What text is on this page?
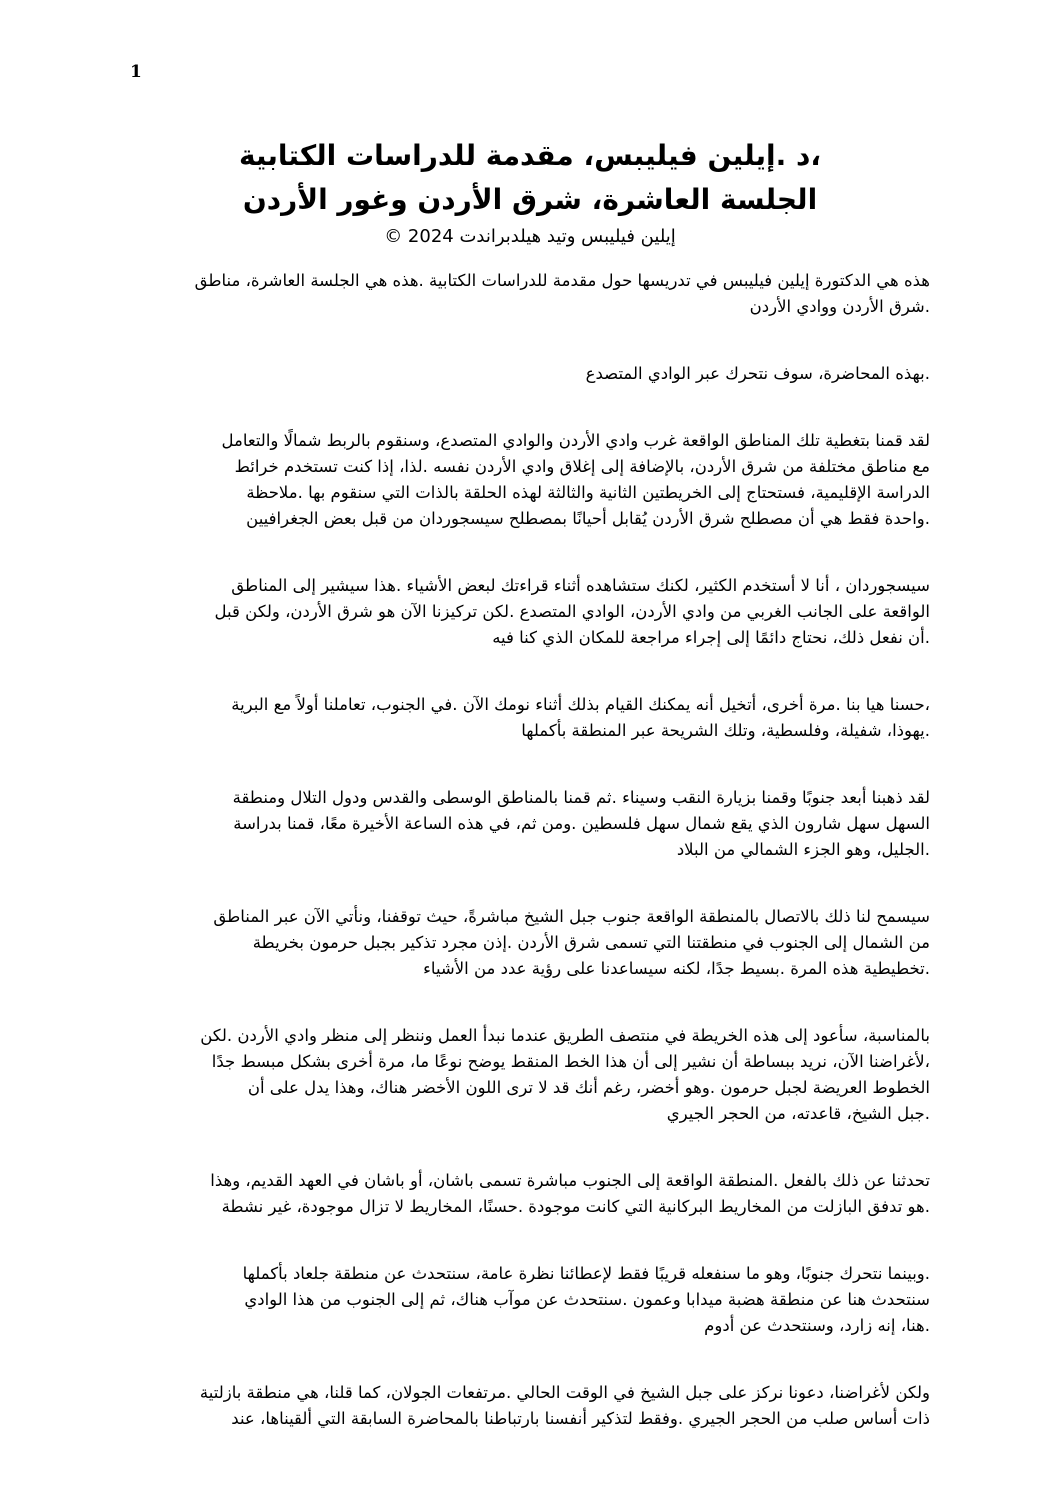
1
،د .إيلين فيليبس، مقدمة للدراسات الكتابية
الجلسة العاشرة، شرق الأردن وغور الأردن
إيلين فيليبس وتيد هيلدبراندت 2024 ©
هذه هي الدكتورة إيلين فيليبس في تدريسها حول مقدمة للدراسات الكتابية .هذه هي الجلسة العاشرة، مناطق
.شرق الأردن ووادي الأردن
.بهذه المحاضرة، سوف نتحرك عبر الوادي المتصدع
لقد قمنا بتغطية تلك المناطق الواقعة غرب وادي الأردن والوادي المتصدع، وسنقوم بالربط شمالًا والتعامل
مع مناطق مختلفة من شرق الأردن، بالإضافة إلى إغلاق وادي الأردن نفسه .لذا، إذا كنت تستخدم خرائط
الدراسة الإقليمية، فستحتاج إلى الخريطتين الثانية والثالثة لهذه الحلقة بالذات التي سنقوم بها .ملاحظة
.واحدة فقط هي أن مصطلح شرق الأردن يُقابل أحيانًا بمصطلح سيسجوردان من قبل بعض الجغرافيين
سيسجوردان ، أنا لا أستخدم الكثير، لكنك ستشاهده أثناء قراءتك لبعض الأشياء .هذا سيشير إلى المناطق
الواقعة على الجانب الغربي من وادي الأردن، الوادي المتصدع .لكن تركيزنا الآن هو شرق الأردن، ولكن قبل
.أن نفعل ذلك، نحتاج دائمًا إلى إجراء مراجعة للمكان الذي كنا فيه
،حسنا هيا بنا .مرة أخرى، أتخيل أنه يمكنك القيام بذلك أثناء نومك الآن .في الجنوب، تعاملنا أولاً مع البرية
.يهوذا، شفيلة، وفلسطية، وتلك الشريحة عبر المنطقة بأكملها
لقد ذهبنا أبعد جنوبًا وقمنا بزيارة النقب وسيناء .ثم قمنا بالمناطق الوسطى والقدس ودول التلال ومنطقة
السهل سهل شارون الذي يقع شمال سهل فلسطين .ومن ثم، في هذه الساعة الأخيرة معًا، قمنا بدراسة
.الجليل، وهو الجزء الشمالي من البلاد
سيسمح لنا ذلك بالاتصال بالمنطقة الواقعة جنوب جبل الشيخ مباشرةً، حيث توقفنا، ونأتي الآن عبر المناطق
من الشمال إلى الجنوب في منطقتنا التي تسمى شرق الأردن .إذن مجرد تذكير بجبل حرمون بخريطة
.تخطيطية هذه المرة .بسيط جدًا، لكنه سيساعدنا على رؤية عدد من الأشياء
بالمناسبة، سأعود إلى هذه الخريطة في منتصف الطريق عندما نبدأ العمل وننظر إلى منظر وادي الأردن .لكن
،لأغراضنا الآن، نريد ببساطة أن نشير إلى أن هذا الخط المنقط يوضح نوعًا ما، مرة أخرى بشكل مبسط جدًا
الخطوط العريضة لجبل حرمون .وهو أخضر، رغم أنك قد لا ترى اللون الأخضر هناك، وهذا يدل على أن
.جبل الشيخ، قاعدته، من الحجر الجيري
تحدثنا عن ذلك بالفعل .المنطقة الواقعة إلى الجنوب مباشرة تسمى باشان، أو باشان في العهد القديم، وهذا
.هو تدفق البازلت من المخاريط البركانية التي كانت موجودة .حسنًا، المخاريط لا تزال موجودة، غير نشطة
.وبينما نتحرك جنوبًا، وهو ما سنفعله قريبًا فقط لإعطائنا نظرة عامة، سنتحدث عن منطقة جلعاد بأكملها
سنتحدث هنا عن منطقة هضبة ميدابا وعمون .سنتحدث عن موآب هناك، ثم إلى الجنوب من هذا الوادي
.هنا، إنه زارد، وسنتحدث عن أدوم
ولكن لأغراضنا، دعونا نركز على جبل الشيخ في الوقت الحالي .مرتفعات الجولان، كما قلنا، هي منطقة بازلتية
ذات أساس صلب من الحجر الجيري .وفقط لتذكير أنفسنا بارتباطنا بالمحاضرة السابقة التي ألقيناها، عند
